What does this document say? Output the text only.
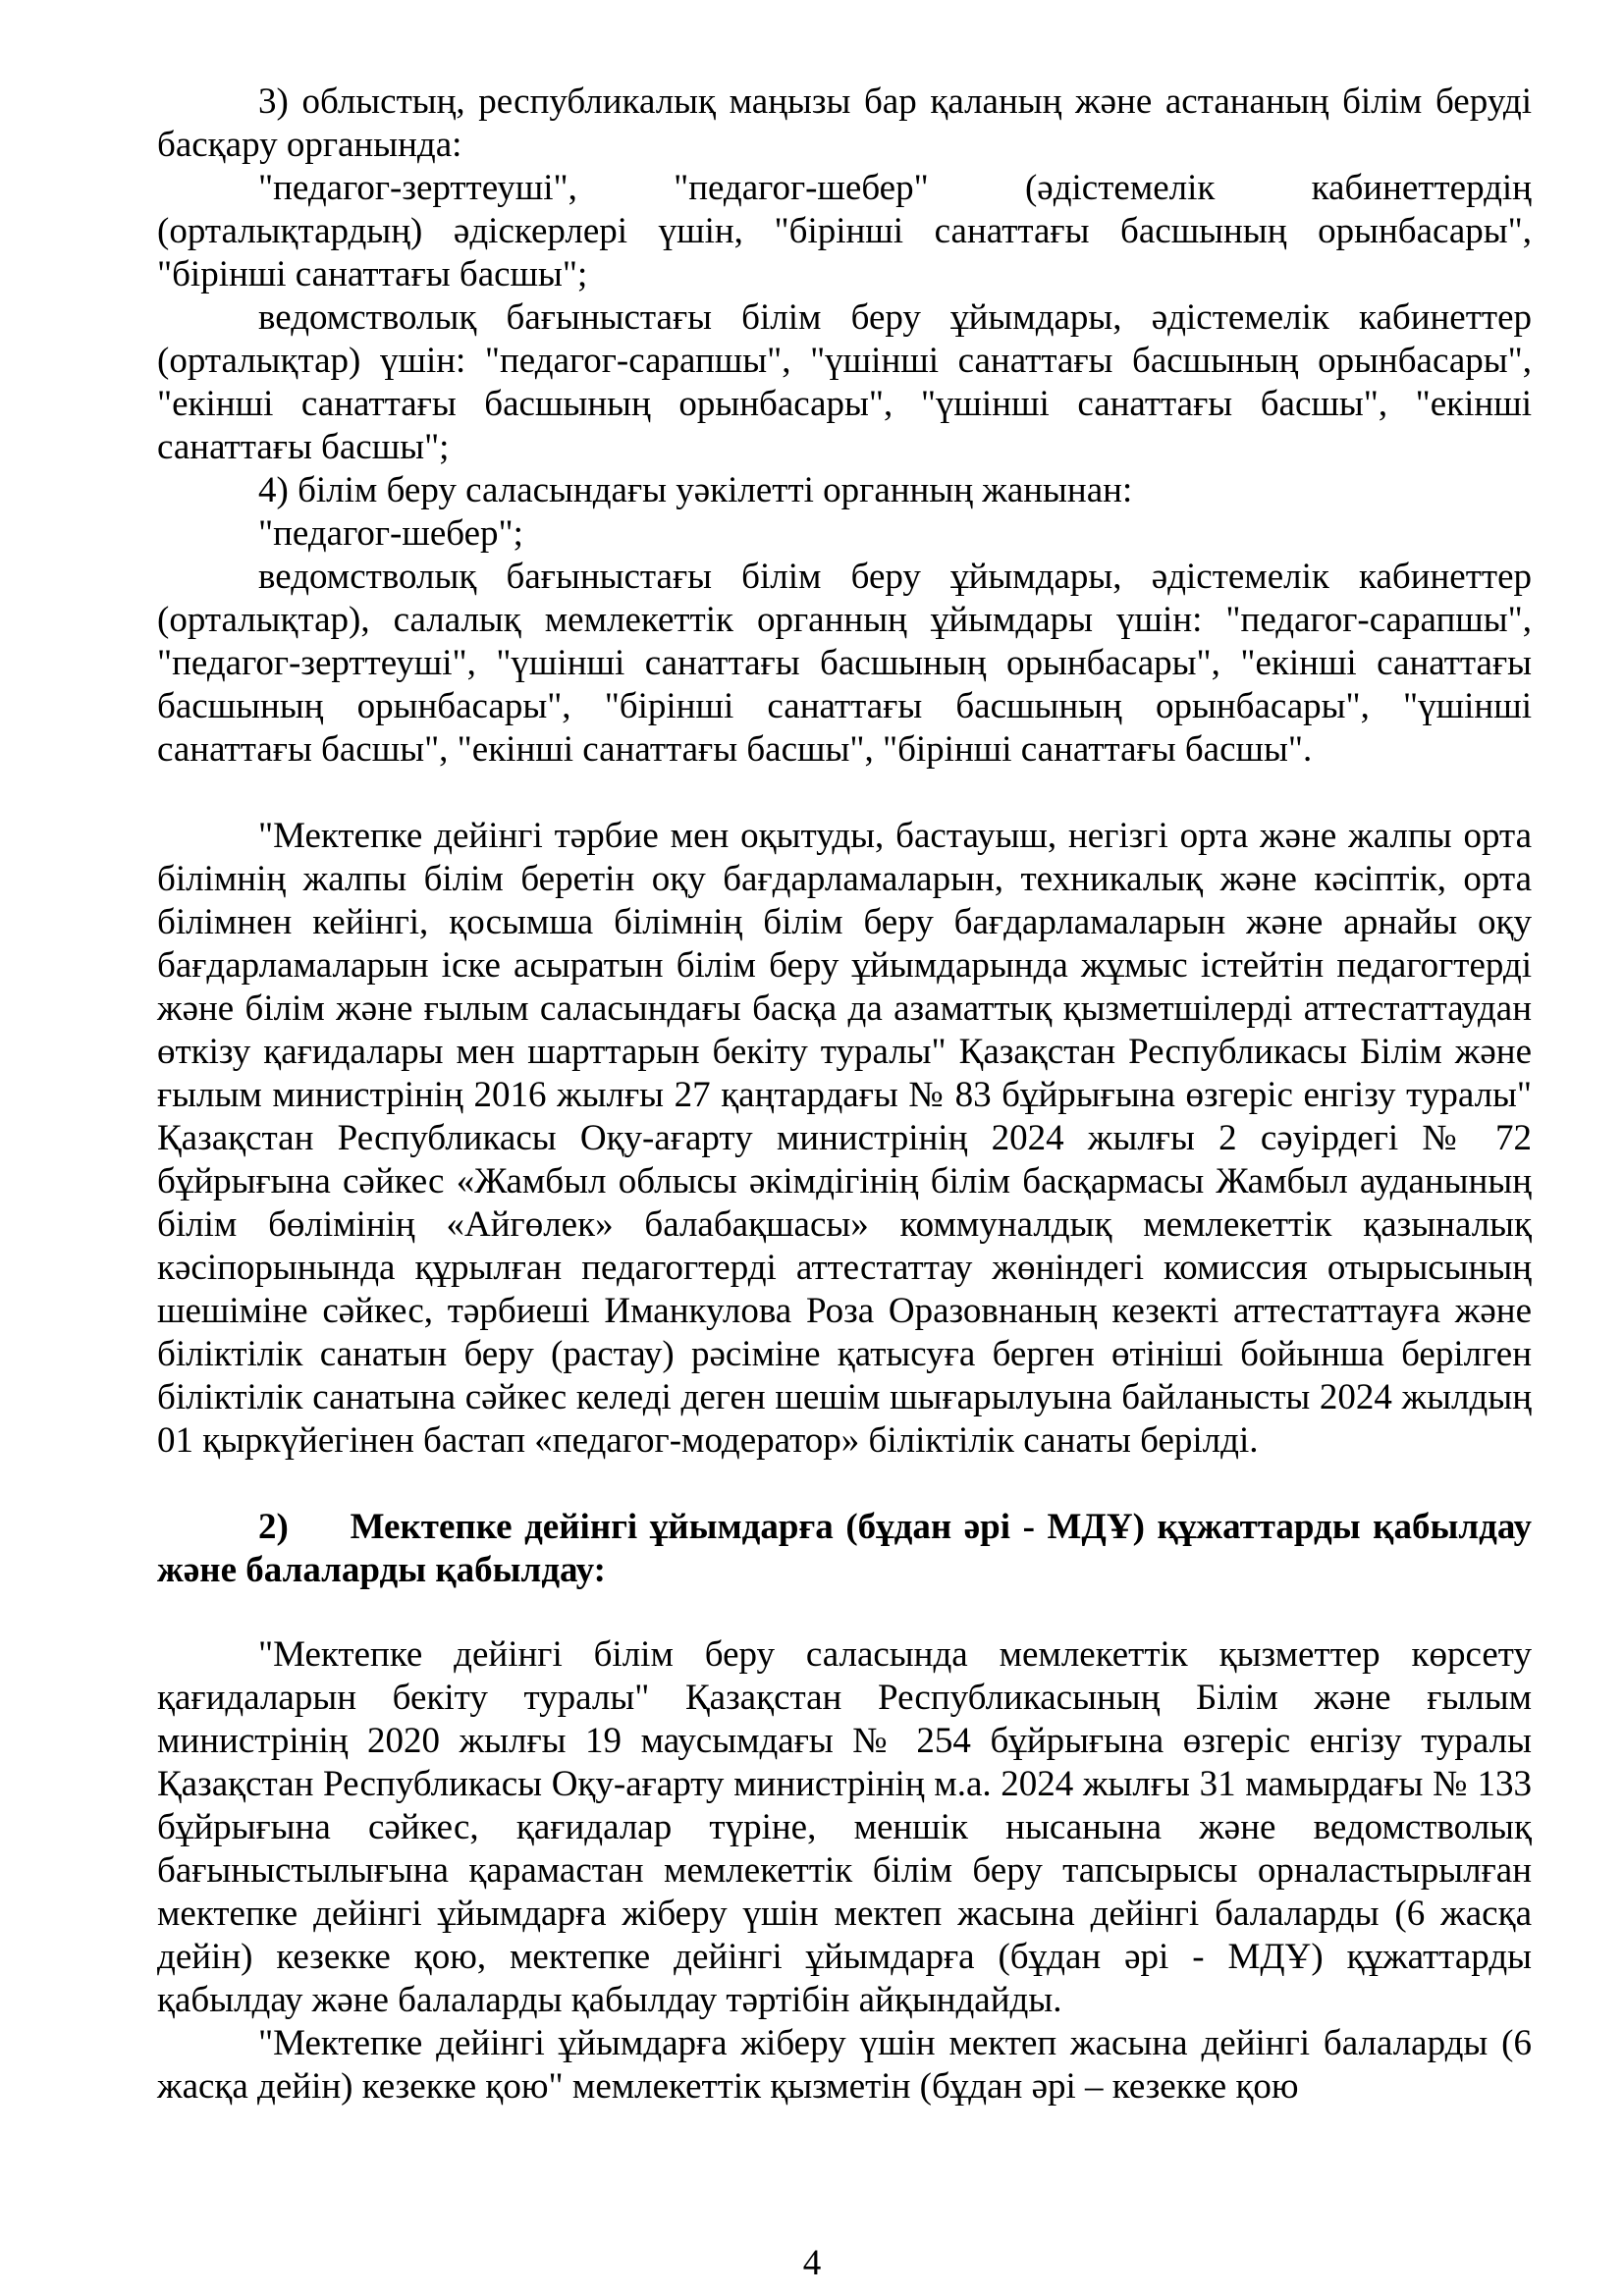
3) облыстың, республикалық маңызы бар қаланың және астананың білім беруді басқару органында:

"педагог-зерттеуші", "педагог-шебер" (әдістемелік кабинеттердің (орталықтардың) әдіскерлері үшін, "бірінші санаттағы басшының орынбасары", "бірінші санаттағы басшы";

ведомстволық бағыныстағы білім беру ұйымдары, әдістемелік кабинеттер (орталықтар) үшін: "педагог-сарапшы", "үшінші санаттағы басшының орынбасары", "екінші санаттағы басшының орынбасары", "үшінші санаттағы басшы", "екінші санаттағы басшы";

4) білім беру саласындағы уәкілетті органның жанынан:

"педагог-шебер";

ведомстволық бағыныстағы білім беру ұйымдары, әдістемелік кабинеттер (орталықтар), салалық мемлекеттік органның ұйымдары үшін: "педагог-сарапшы", "педагог-зерттеуші", "үшінші санаттағы басшының орынбасары", "екінші санаттағы басшының орынбасары", "бірінші санаттағы басшының орынбасары", "үшінші санаттағы басшы", "екінші санаттағы басшы", "бірінші санаттағы басшы".

"Мектепке дейінгі тәрбие мен оқытуды, бастауыш, негізгі орта және жалпы орта білімнің жалпы білім беретін оқу бағдарламаларын, техникалық және кәсіптік, орта білімнен кейінгі, қосымша білімнің білім беру бағдарламаларын және арнайы оқу бағдарламаларын іске асыратын білім беру ұйымдарында жұмыс істейтін педагогтерді және білім және ғылым саласындағы басқа да азаматтық қызметшілерді аттестаттаудан өткізу қағидалары мен шарттарын бекіту туралы" Қазақстан Республикасы Білім және ғылым министрінің 2016 жылғы 27 қаңтардағы № 83 бұйрығына өзгеріс енгізу туралы" Қазақстан Республикасы Оқу-ағарту министрінің 2024 жылғы 2 сәуірдегі № 72 бұйрығына сәйкес «Жамбыл облысы әкімдігінің білім басқармасы Жамбыл ауданының білім бөлімінің «Айгөлек» балабақшасы» коммуналдық мемлекеттік қазыналық кәсіпорынында құрылған педагогтерді аттестаттау жөніндегі комиссия отырысының шешіміне сәйкес, тәрбиеші Иманкулова Роза Оразовнаның кезекті аттестаттауға және біліктілік санатын беру (растау) рәсіміне қатысуға берген өтініші бойынша берілген біліктілік санатына сәйкес келеді деген шешім шығарылуына байланысты 2024 жылдың 01 қыркүйегінен бастап «педагог-модератор» біліктілік санаты берілді.

2)     Мектепке дейінгі ұйымдарға (бұдан әрі - МДҰ) құжаттарды қабылдау және балаларды қабылдау:

"Мектепке дейінгі білім беру саласында мемлекеттік қызметтер көрсету қағидаларын бекіту туралы" Қазақстан Республикасының Білім және ғылым министрінің 2020 жылғы 19 маусымдағы № 254 бұйрығына өзгеріс енгізу туралы Қазақстан Республикасы Оқу-ағарту министрінің м.а. 2024 жылғы 31 мамырдағы № 133 бұйрығына сәйкес, қағидалар түріне, меншік нысанына және ведомстволық бағыныстылығына қарамастан мемлекеттік білім беру тапсырысы орналастырылған мектепке дейінгі ұйымдарға жіберу үшін мектеп жасына дейінгі балаларды (6 жасқа дейін) кезекке қою, мектепке дейінгі ұйымдарға (бұдан әрі - МДҰ) құжаттарды қабылдау және балаларды қабылдау тәртібін айқындайды.

"Мектепке дейінгі ұйымдарға жіберу үшін мектеп жасына дейінгі балаларды (6 жасқа дейін) кезекке қою" мемлекеттік қызметін (бұдан әрі – кезекке қою

4
